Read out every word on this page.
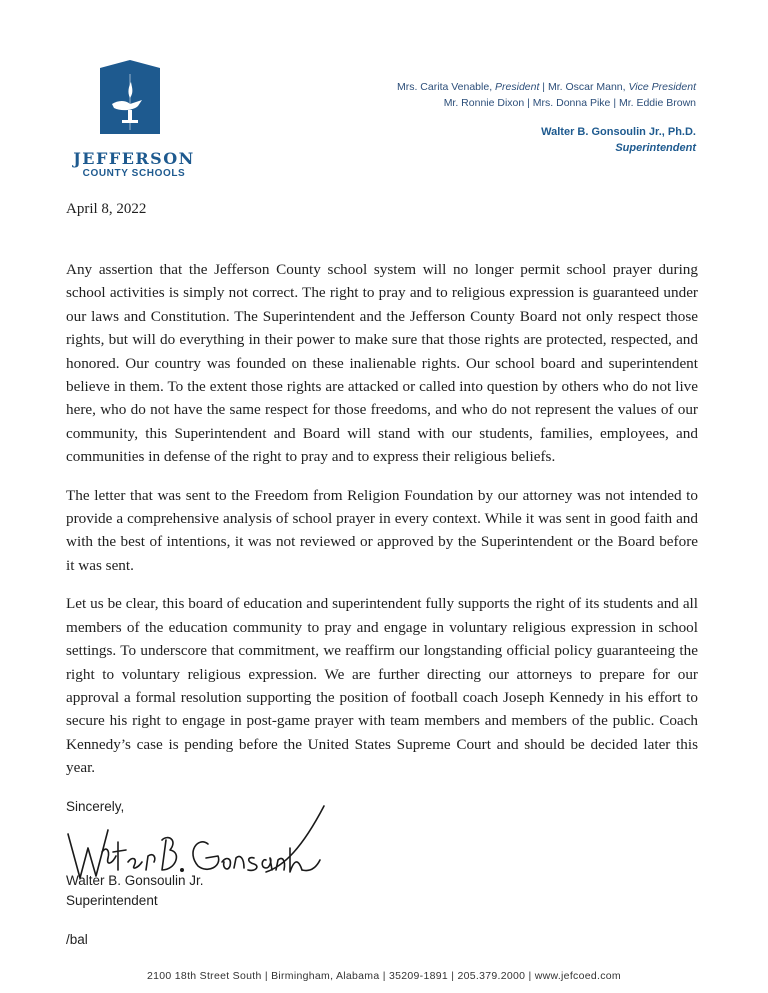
JEFFERSON
COUNTY SCHOOLS
Mrs. Carita Venable, President | Mr. Oscar Mann, Vice President
Mr. Ronnie Dixon | Mrs. Donna Pike | Mr. Eddie Brown
Walter B. Gonsoulin Jr., Ph.D.
Superintendent
April 8, 2022

Any assertion that the Jefferson County school system will no longer permit school prayer during school activities is simply not correct. The right to pray and to religious expression is guaranteed under our laws and Constitution. The Superintendent and the Jefferson County Board not only respect those rights, but will do everything in their power to make sure that those rights are protected, respected, and honored. Our country was founded on these inalienable rights. Our school board and superintendent believe in them. To the extent those rights are attacked or called into question by others who do not live here, who do not have the same respect for those freedoms, and who do not represent the values of our community, this Superintendent and Board will stand with our students, families, employees, and communities in defense of the right to pray and to express their religious beliefs.

The letter that was sent to the Freedom from Religion Foundation by our attorney was not intended to provide a comprehensive analysis of school prayer in every context. While it was sent in good faith and with the best of intentions, it was not reviewed or approved by the Superintendent or the Board before it was sent.

Let us be clear, this board of education and superintendent fully supports the right of its students and all members of the education community to pray and engage in voluntary religious expression in school settings. To underscore that commitment, we reaffirm our longstanding official policy guaranteeing the right to voluntary religious expression. We are further directing our attorneys to prepare for our approval a formal resolution supporting the position of football coach Joseph Kennedy in his effort to secure his right to engage in post-game prayer with team members and members of the public. Coach Kennedy’s case is pending before the United States Supreme Court and should be decided later this year.

Sincerely,
Walter B. Gonsoulin Jr.
Superintendent
/bal
2100 18th Street South | Birmingham, Alabama | 35209-1891 | 205.379.2000 | www.jefcoed.com
